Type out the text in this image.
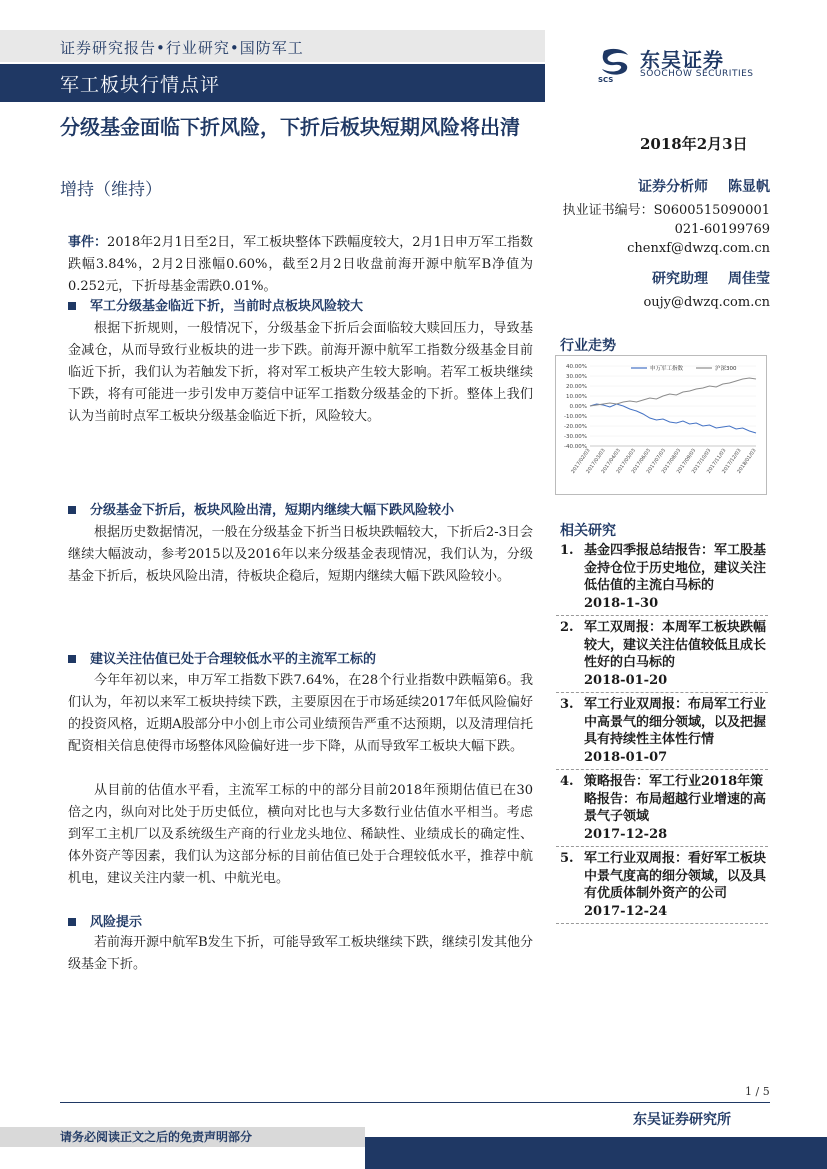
证券研究报告•行业研究•国防军工
军工板块行情点评	SCS
东吴证券
SOOCHOW SECURITIES
分级基金面临下折风险，下折后板块短期风险将出清
增持（维持）
2018年2月3日
证券分析师 陈显帆
执业证书编号：S0600515090001
021-60199769
chenxf@dwzq.com.cn
研究助理 周佳莹
oujy@dwzq.com.cn
事件：2018年2月1日至2日，军工板块整体下跌幅度较大，2月1日申万军工指数跌幅3.84%，2月2日涨幅0.60%，截至2月2日收盘前海开源中航军B净值为0.252元，下折母基金需跌0.01%。
军工分级基金临近下折，当前时点板块风险较大
根据下折规则，一般情况下，分级基金下折后会面临较大赎回压力，导致基金减仓，从而导致行业板块的进一步下跌。前海开源中航军工指数分级基金目前临近下折，我们认为若触发下折，将对军工板块产生较大影响。若军工板块继续下跌，将有可能进一步引发申万菱信中证军工指数分级基金的下折。整体上我们认为当前时点军工板块分级基金临近下折，风险较大。
分级基金下折后，板块风险出清，短期内继续大幅下跌风险较小
根据历史数据情况，一般在分级基金下折当日板块跌幅较大，下折后2-3日会继续大幅波动，参考2015以及2016年以来分级基金表现情况，我们认为，分级基金下折后，板块风险出清，待板块企稳后，短期内继续大幅下跌风险较小。
建议关注估值已处于合理较低水平的主流军工标的
今年年初以来，申万军工指数下跌7.64%，在28个行业指数中跌幅第6。我们认为，年初以来军工板块持续下跌，主要原因在于市场延续2017年低风险偏好的投资风格，近期A股部分中小创上市公司业绩预告严重不达预期，以及清理信托配资相关信息使得市场整体风险偏好进一步下降，从而导致军工板块大幅下跌。
从目前的估值水平看，主流军工标的中的部分目前2018年预期估值已在30倍之内，纵向对比处于历史低位，横向对比也与大多数行业估值水平相当。考虑到军工主机厂以及系统级生产商的行业龙头地位、稀缺性、业绩成长的确定性、体外资产等因素，我们认为这部分标的目前估值已处于合理较低水平，推荐中航机电，建议关注内蒙一机、中航光电。
风险提示
若前海开源中航军B发生下折，可能导致军工板块继续下跌，继续引发其他分级基金下折。
行业走势
40.00%
30.00%
20.00%
10.00%
0.00%
-10.00%
-20.00%
-30.00%
-40.00%
2017/02/03
2017/03/03
2017/04/03
2017/05/03
2017/06/03
2017/07/03
2017/08/03
2017/09/03
2017/10/03
2017/11/03
2017/12/03
2018/01/03
申万军工指数	沪深300
相关研究
1. 基金四季报总结报告：军工股基金持仓位于历史地位，建议关注低估值的主流白马标的
2018-1-30
2. 军工双周报：本周军工板块跌幅较大，建议关注估值较低且成长性好的白马标的
2018-01-20
3. 军工行业双周报：布局军工行业中高景气的细分领域，以及把握具有持续性主体性行情
2018-01-07
4. 策略报告：军工行业2018年策略报告：布局超越行业增速的高景气子领域
2017-12-28
5. 军工行业双周报：看好军工板块中景气度高的细分领域，以及具有优质体制外资产的公司
2017-12-24
1 / 5
东吴证券研究所
请务必阅读正文之后的免责声明部分
